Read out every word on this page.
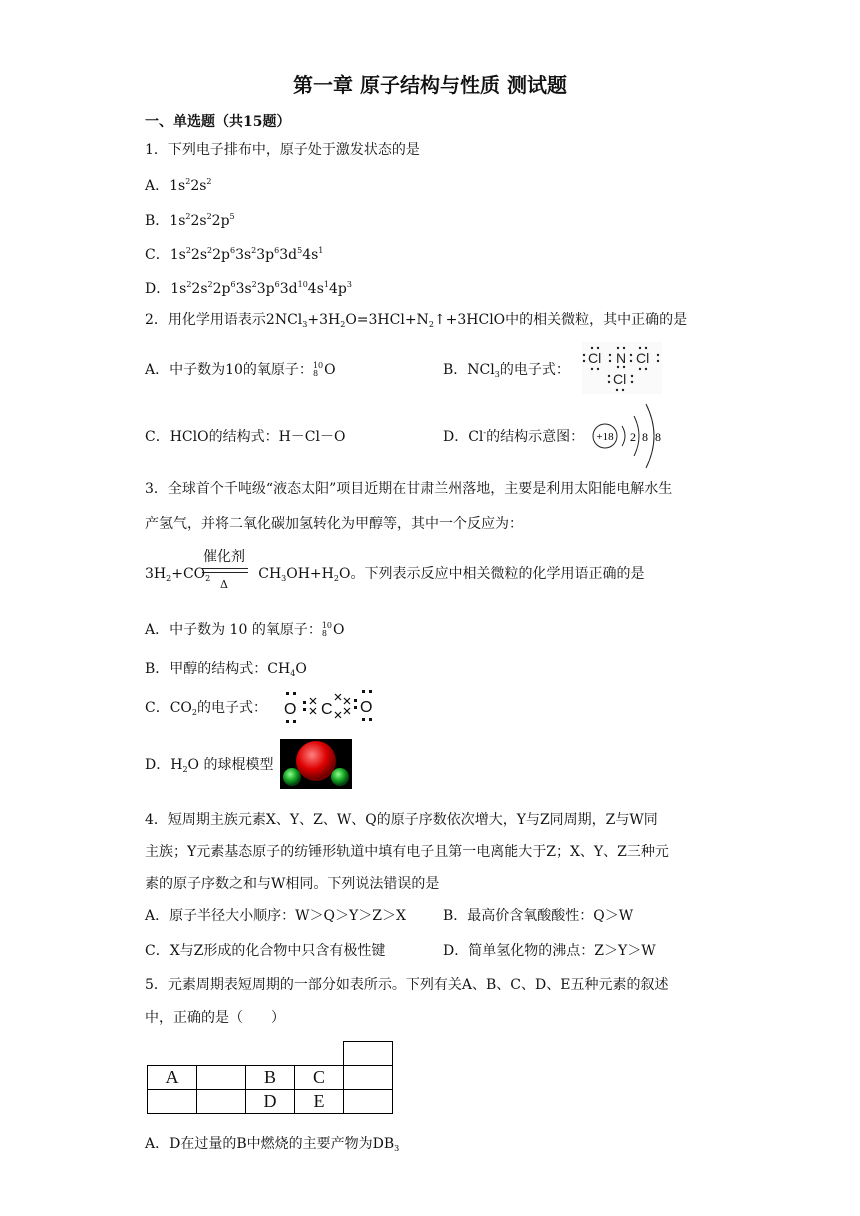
第一章 原子结构与性质 测试题
一、单选题（共15题）
1．下列电子排布中，原子处于激发状态的是
A．$1s^22s^2$
B．$1s^22s^22p^5$
C．$1s^22s^22p^63s^23p^63d^54s^1$
D．$1s^22s^22p^63s^23p^63d^{10}4s^14p^3$
2．用化学用语表示$2NCl_3+3H_2O=3HCl+N_2↑+3HClO$中的相关微粒，其中正确的是
A．中子数为10的氧原子： 10
8 O	B．NCl$_3$的电子式：
Cl N Cl
Cl
C．HClO的结构式：H－Cl－O	D．Cl-的结构示意图： +18 2 8 8
3．全球首个千吨级“液态太阳”项目近期在甘肃兰州落地，主要是利用太阳能电解水生
产氢气，并将二氧化碳加氢转化为甲醇等，其中一个反应为：
$3H_2+CO_2$	$CH_3OH+H_2O$。下列表示反应中相关微粒的化学用语正确的是
催化剂
Δ
A．中子数为 10 的氧原子： 10
8 O
B．甲醇的结构式：$CH_4O$
C．$CO_2$的电子式： O C O
D．$H_2O$ 的球棍模型
4．短周期主族元素X、Y、Z、W、Q的原子序数依次增大，Y与Z同周期，Z与W同
主族；Y元素基态原子的纺锤形轨道中填有电子且第一电离能大于Z；X、Y、Z三种元
素的原子序数之和与W相同。下列说法错误的是
A．原子半径大小顺序：W＞Q＞Y＞Z＞X	B．最高价含氧酸酸性：Q＞W
C．X与Z形成的化合物中只含有极性键	D．简单氢化物的沸点：Z＞Y＞W
5．元素周期表短周期的一部分如表所示。下列有关A、B、C、D、E五种元素的叙述
中，正确的是（　　）

A		B	C	
		D	E	
A．D在过量的B中燃烧的主要产物为$DB_3$
